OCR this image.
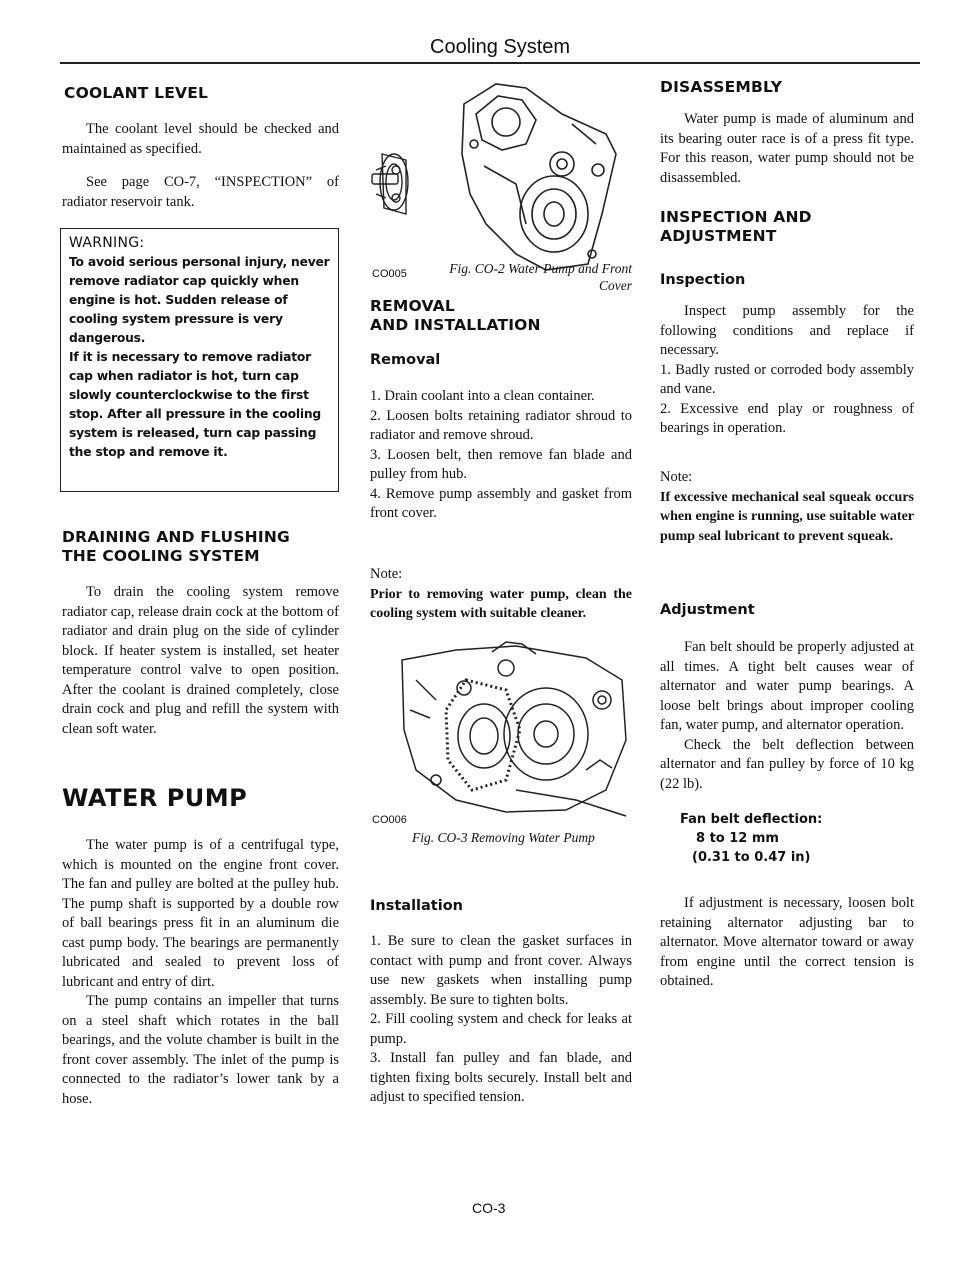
Cooling System
COOLANT LEVEL

The coolant level should be checked and maintained as specified.

See page CO-7, “INSPECTION” of radiator reservoir tank.

WARNING:
To avoid serious personal injury, never remove radiator cap quickly when engine is hot. Sudden release of cooling system pressure is very dangerous.
If it is necessary to remove radiator cap when radiator is hot, turn cap slowly counterclockwise to the first stop. After all pressure in the cooling system is released, turn cap passing the stop and remove it.
DRAINING AND FLUSHING
THE COOLING SYSTEM

To drain the cooling system remove radiator cap, release drain cock at the bottom of radiator and drain plug on the side of cylinder block. If heater system is installed, set heater temperature control valve to open position. After the coolant is drained completely, close drain cock and plug and refill the system with clean soft water.

WATER PUMP

The water pump is of a centrifugal type, which is mounted on the engine front cover. The fan and pulley are bolted at the pulley hub. The pump shaft is supported by a double row of ball bearings press fit in an aluminum die cast pump body. The bearings are permanently lubricated and sealed to prevent loss of lubricant and entry of dirt.

The pump contains an impeller that turns on a steel shaft which rotates in the ball bearings, and the volute chamber is built in the front cover assembly. The inlet of the pump is connected to the radiator’s lower tank by a hose.

CO005	Fig. CO-2 Water Pump and Front
Cover
REMOVAL
AND INSTALLATION
Removal

1. Drain coolant into a clean container.

2. Loosen bolts retaining radiator shroud to radiator and remove shroud.

3. Loosen belt, then remove fan blade and pulley from hub.

4. Remove pump assembly and gasket from front cover.

Note:

Prior to removing water pump, clean the cooling system with suitable cleaner.

CO006
Fig. CO-3 Removing Water Pump
Installation

1. Be sure to clean the gasket surfaces in contact with pump and front cover. Always use new gaskets when installing pump assembly. Be sure to tighten bolts.

2. Fill cooling system and check for leaks at pump.

3. Install fan pulley and fan blade, and tighten fixing bolts securely. Install belt and adjust to specified tension.

CO-3
DISASSEMBLY

Water pump is made of aluminum and its bearing outer race is of a press fit type. For this reason, water pump should not be disassembled.

INSPECTION AND
ADJUSTMENT
Inspection

Inspect pump assembly for the following conditions and replace if necessary.

1. Badly rusted or corroded body assembly and vane.

2. Excessive end play or roughness of bearings in operation.

Note:

If excessive mechanical seal squeak occurs when engine is running, use suitable water pump seal lubricant to prevent squeak.

Adjustment

Fan belt should be properly adjusted at all times. A tight belt causes wear of alternator and water pump bearings. A loose belt brings about improper cooling fan, water pump, and alternator operation.

Check the belt deflection between alternator and fan pulley by force of 10 kg (22 lb).

Fan belt deflection:
8 to 12 mm
(0.31 to 0.47 in)

If adjustment is necessary, loosen bolt retaining alternator adjusting bar to alternator. Move alternator toward or away from engine until the correct tension is obtained.
